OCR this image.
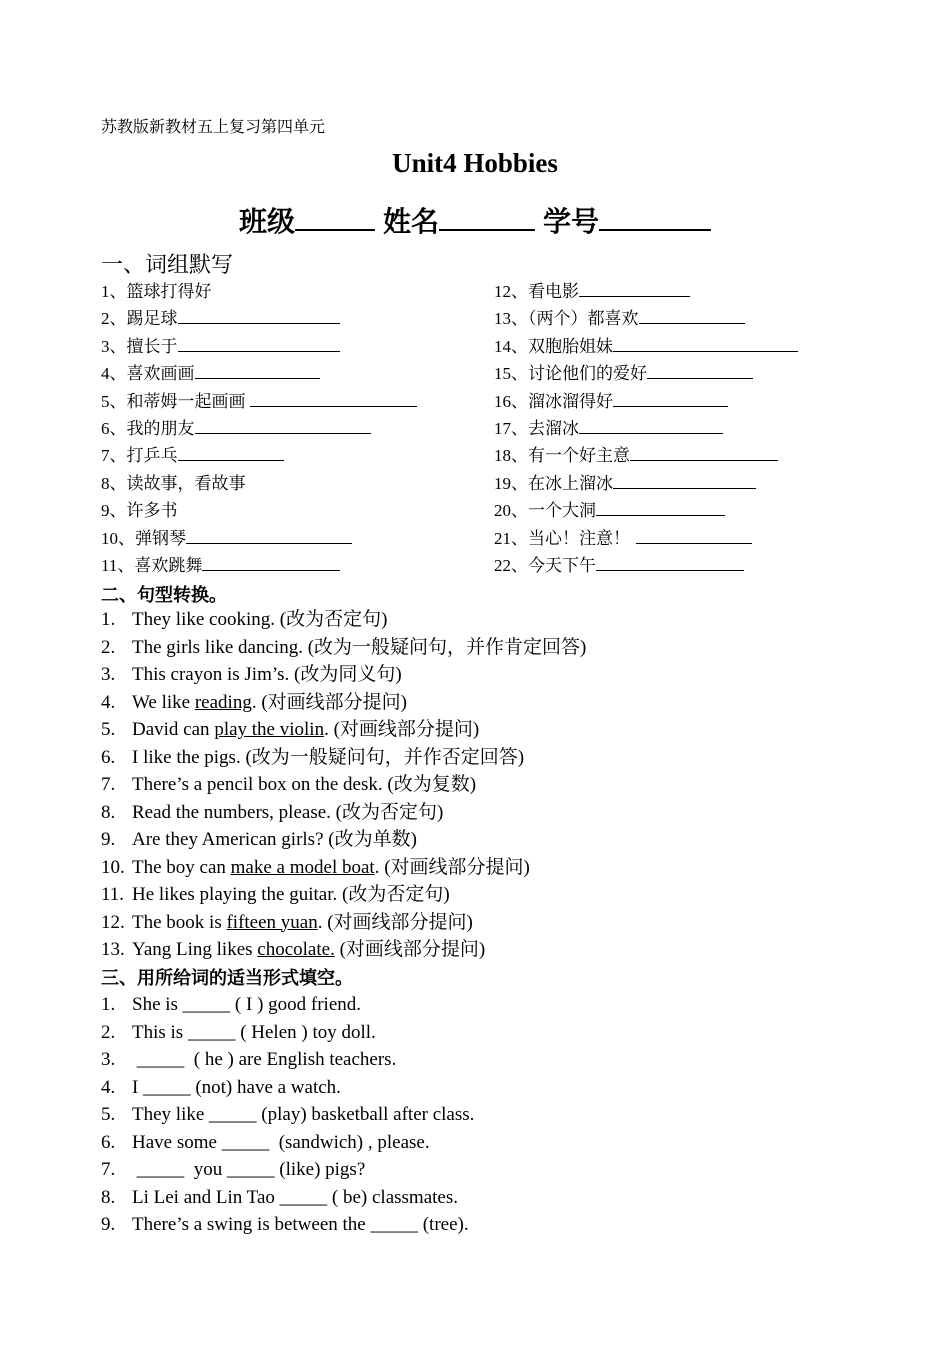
苏教版新教材五上复习第四单元
Unit4 Hobbies
班级	姓名	学号
一、词组默写
1、篮球打得好
2、踢足球
3、擅长于
4、喜欢画画
5、和蒂姆一起画画
6、我的朋友
7、打乒乓
8、读故事，看故事
9、许多书
10、弹钢琴
11、喜欢跳舞
12、看电影
13、（两个）都喜欢
14、双胞胎姐妹
15、讨论他们的爱好
16、溜冰溜得好
17、去溜冰
18、有一个好主意
19、在冰上溜冰
20、一个大洞
21、当心！注意！
22、今天下午
二、句型转换。
1. They like cooking. (改为否定句)
2. The girls like dancing. (改为一般疑问句，并作肯定回答)
3. This crayon is Jim’s. (改为同义句)
4. We like reading. (对画线部分提问)
5. David can play the violin. (对画线部分提问)
6. I like the pigs. (改为一般疑问句，并作否定回答)
7. There’s a pencil box on the desk. (改为复数)
8. Read the numbers, please. (改为否定句)
9. Are they American girls? (改为单数)
10. The boy can make a model boat. (对画线部分提问)
11. He likes playing the guitar. (改为否定句)
12. The book is fifteen yuan. (对画线部分提问)
13. Yang Ling likes chocolate. (对画线部分提问)
三、用所给词的适当形式填空。
1. She is _____ ( I ) good friend.
2. This is _____ ( Helen ) toy doll.
3. _____  ( he ) are English teachers.
4. I _____ (not) have a watch.
5. They like _____ (play) basketball after class.
6. Have some _____  (sandwich) , please.
7. _____  you _____ (like) pigs?
8. Li Lei and Lin Tao _____ ( be) classmates.
9. There’s a swing is between the _____ (tree).
